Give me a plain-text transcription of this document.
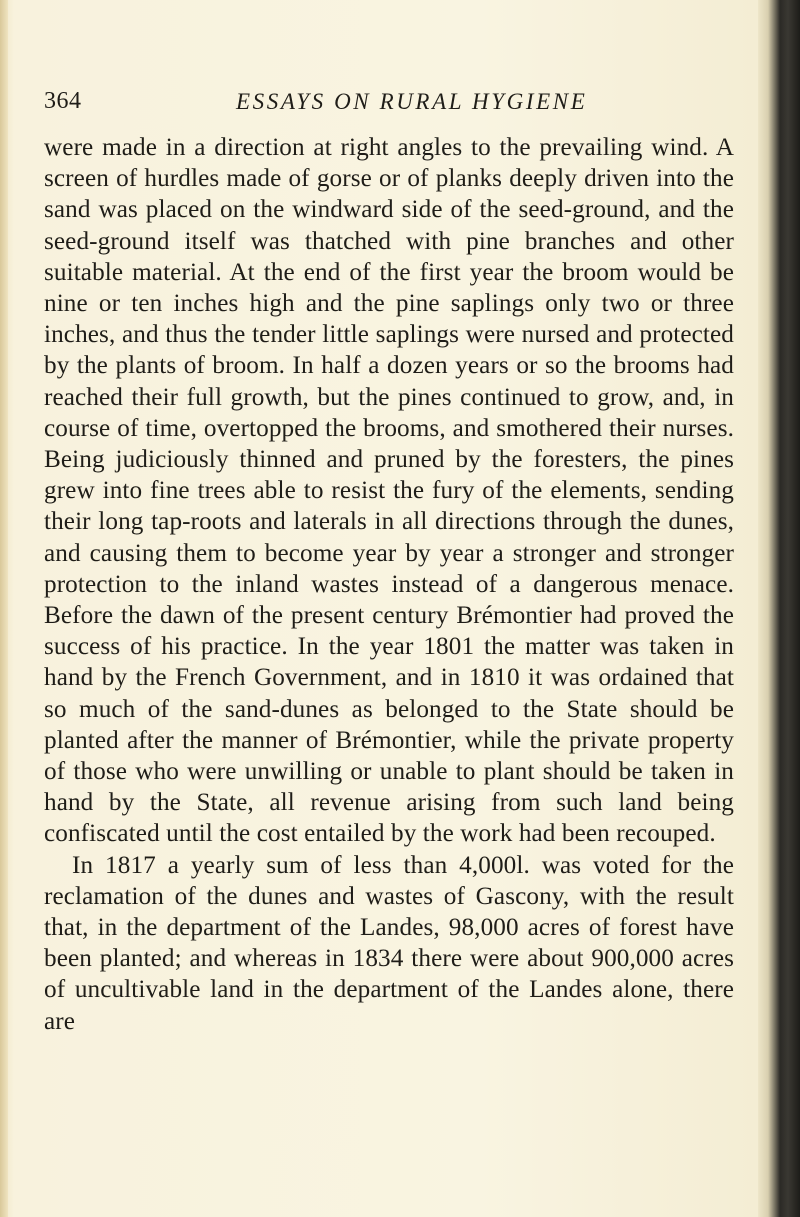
364	ESSAYS ON RURAL HYGIENE

were made in a direction at right angles to the prevailing wind. A screen of hurdles made of gorse or of planks deeply driven into the sand was placed on the windward side of the seed-ground, and the seed-ground itself was thatched with pine branches and other suitable material. At the end of the first year the broom would be nine or ten inches high and the pine saplings only two or three inches, and thus the tender little saplings were nursed and protected by the plants of broom. In half a dozen years or so the brooms had reached their full growth, but the pines continued to grow, and, in course of time, overtopped the brooms, and smothered their nurses. Being judiciously thinned and pruned by the foresters, the pines grew into fine trees able to resist the fury of the elements, sending their long tap-roots and laterals in all directions through the dunes, and causing them to become year by year a stronger and stronger protection to the inland wastes instead of a dangerous menace. Before the dawn of the present century Brémontier had proved the success of his practice. In the year 1801 the matter was taken in hand by the French Government, and in 1810 it was ordained that so much of the sand-dunes as belonged to the State should be planted after the manner of Brémontier, while the private property of those who were unwilling or unable to plant should be taken in hand by the State, all revenue arising from such land being confiscated until the cost entailed by the work had been recouped.

In 1817 a yearly sum of less than 4,000l. was voted for the reclamation of the dunes and wastes of Gascony, with the result that, in the department of the Landes, 98,000 acres of forest have been planted; and whereas in 1834 there were about 900,000 acres of uncultivable land in the department of the Landes alone, there are
